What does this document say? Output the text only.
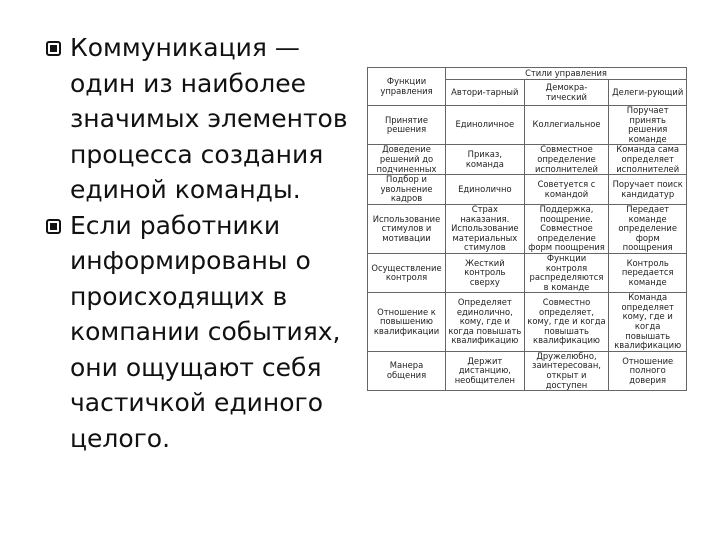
Коммуникация —
один из наиболее значимых элементов процесса создания единой команды.
Если работники
информированы о происходящих в компании событиях, они ощущают себя частичкой единого целого.
Функции управления	Стили управления		
	Автори-тарный	Демокра-тический	Делеги-рующий
Принятие решения	Единоличное	Коллегиальное	Поручает принять решения команде
Доведение решений до подчиненных	Приказ, команда	Совместное определение исполнителей	Команда сама определяет исполнителей
Подбор и увольнение кадров	Единолично	Советуется с командой	Поручает поиск кандидатур
Использование стимулов и мотивации	Страх наказания. Использование материальных стимулов	Поддержка, поощрение. Совместное определение форм поощрения	Передает команде определение форм поощрения
Осуществление контроля	Жесткий контроль сверху	Функции контроля распределяются в команде	Контроль передается команде
Отношение к повышению квалификации	Определяет единолично, кому, где и когда повышать квалификацию	Совместно определяет, кому, где и когда повышать квалификацию	Команда определяет кому, где и когда повышать квалификацию
Манера общения	Держит дистанцию, необщителен	Дружелюбно, заинтересован, открыт и доступен	Отношение полного доверия
